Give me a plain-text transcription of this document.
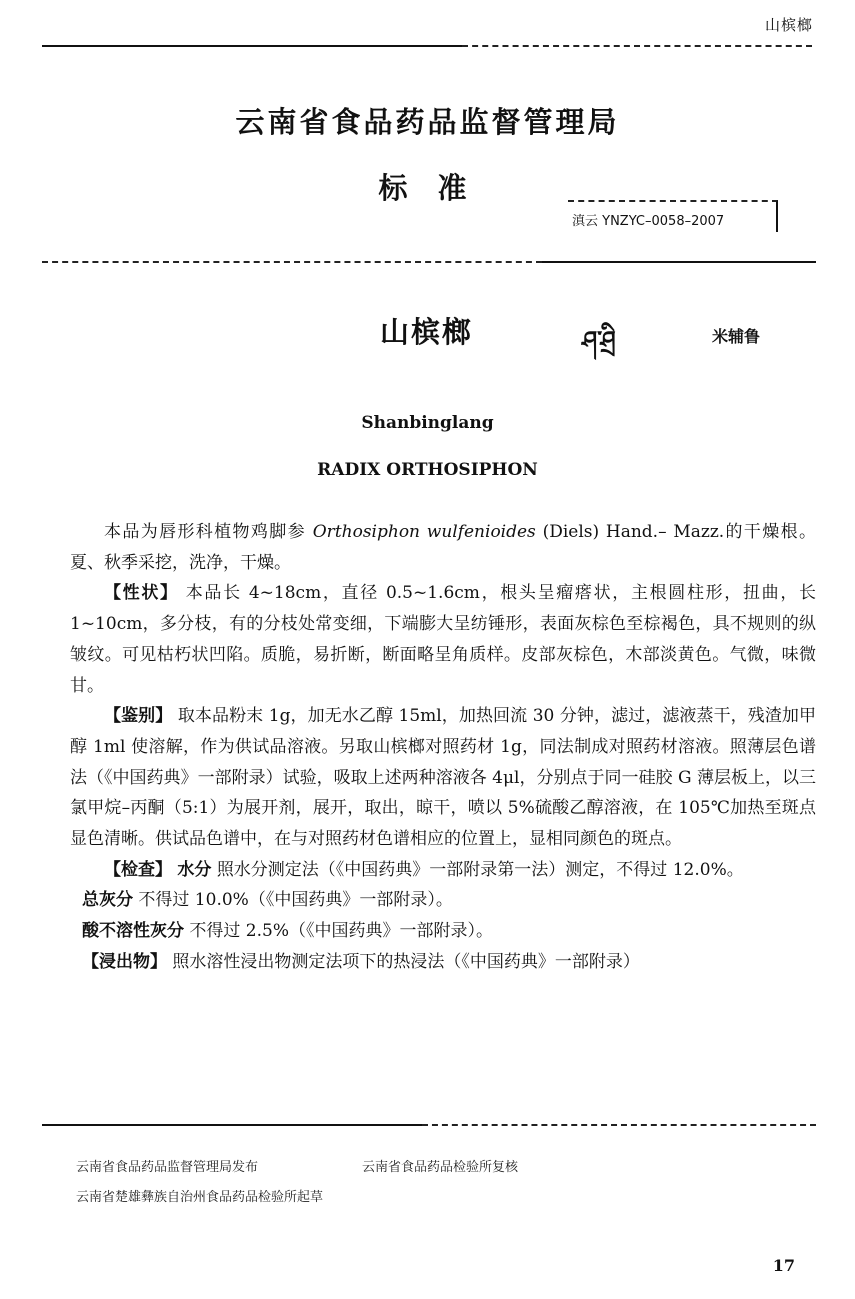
山槟榔
云南省食品药品监督管理局
标 准
滇云 YNZYC–0058–2007
山槟榔	ཤ་ཤྲི	米辅鲁
Shanbinglang
RADIX ORTHOSIPHON

本品为唇形科植物鸡脚参 Orthosiphon wulfenioides (Diels) Hand.– Mazz.的干燥根。夏、秋季采挖，洗净，干燥。

【性状】 本品长 4~18cm，直径 0.5~1.6cm，根头呈瘤瘩状，主根圆柱形，扭曲，长 1~10cm，多分枝，有的分枝处常变细，下端膨大呈纺锤形，表面灰棕色至棕褐色，具不规则的纵皱纹。可见枯朽状凹陷。质脆，易折断，断面略呈角质样。皮部灰棕色，木部淡黄色。气微，味微甘。

【鉴别】 取本品粉末 1g，加无水乙醇 15ml，加热回流 30 分钟，滤过，滤液蒸干，残渣加甲醇 1ml 使溶解，作为供试品溶液。另取山槟榔对照药材 1g，同法制成对照药材溶液。照薄层色谱法（《中国药典》一部附录）试验，吸取上述两种溶液各 4μl，分别点于同一硅胶 G 薄层板上，以三氯甲烷–丙酮（5:1）为展开剂，展开，取出，晾干，喷以 5%硫酸乙醇溶液，在 105℃加热至斑点显色清晰。供试品色谱中，在与对照药材色谱相应的位置上，显相同颜色的斑点。

【检查】 水分 照水分测定法（《中国药典》一部附录第一法）测定，不得过 12.0%。

总灰分 不得过 10.0%（《中国药典》一部附录）。

酸不溶性灰分 不得过 2.5%（《中国药典》一部附录）。

【浸出物】 照水溶性浸出物测定法项下的热浸法（《中国药典》一部附录）

云南省食品药品监督管理局发布	云南省食品药品检验所复核
云南省楚雄彝族自治州食品药品检验所起草
17
